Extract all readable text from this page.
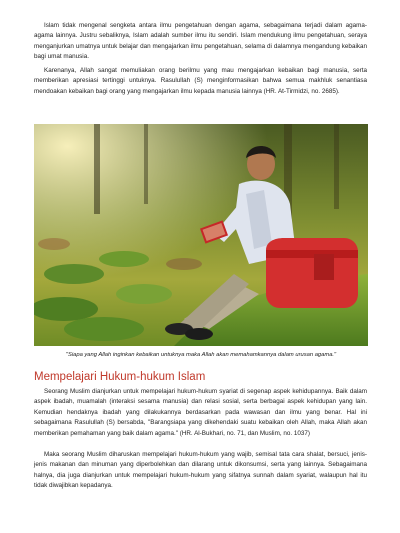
Islam tidak mengenal sengketa antara ilmu pengetahuan dengan agama, sebagaimana terjadi dalam agama-agama lainnya. Justru sebaliknya, Islam adalah sumber ilmu itu sendiri. Islam mendukung ilmu pengetahuan, seraya menganjurkan umatnya untuk belajar dan mengajarkan ilmu pengetahuan, selama di dalamnya mengandung kebaikan bagi umat manusia.

Karenanya, Allah sangat memuliakan orang berilmu yang mau mengajarkan kebaikan bagi manusia, serta memberikan apresiasi tertinggi untuknya. Rasulullah (S) menginformasikan bahwa semua makhluk senantiasa mendoakan kebaikan bagi orang yang mengajarkan ilmu kepada manusia lainnya (HR. At-Tirmidzi, no. 2685).

"Siapa yang Allah inginkan kebaikan untuknya maka Allah akan memahamkannya dalam urusan agama."

Mempelajari Hukum-hukum Islam

Seorang Muslim dianjurkan untuk mempelajari hukum-hukum syariat di segenap aspek kehidupannya. Baik dalam aspek ibadah, muamalah (interaksi sesama manusia) dan relasi sosial, serta berbagai aspek kehidupan yang lain. Kemudian hendaknya ibadah yang dilakukannya berdasarkan pada wawasan dan ilmu yang benar. Hal ini sebagaimana Rasulullah (S) bersabda, "Barangsiapa yang dikehendaki suatu kebaikan oleh Allah, maka Allah akan memberikan pemahaman yang baik dalam agama." (HR. Al-Bukhari, no. 71, dan Muslim, no. 1037)

Maka seorang Muslim diharuskan mempelajari hukum-hukum yang wajib, semisal tata cara shalat, bersuci, jenis-jenis makanan dan minuman yang diperbolehkan dan dilarang untuk dikonsumsi, serta yang lainnya. Sebagaimana halnya, dia juga dianjurkan untuk mempelajari hukum-hukum yang sifatnya sunnah dalam syariat, walaupun hal itu tidak diwajibkan kepadanya.
